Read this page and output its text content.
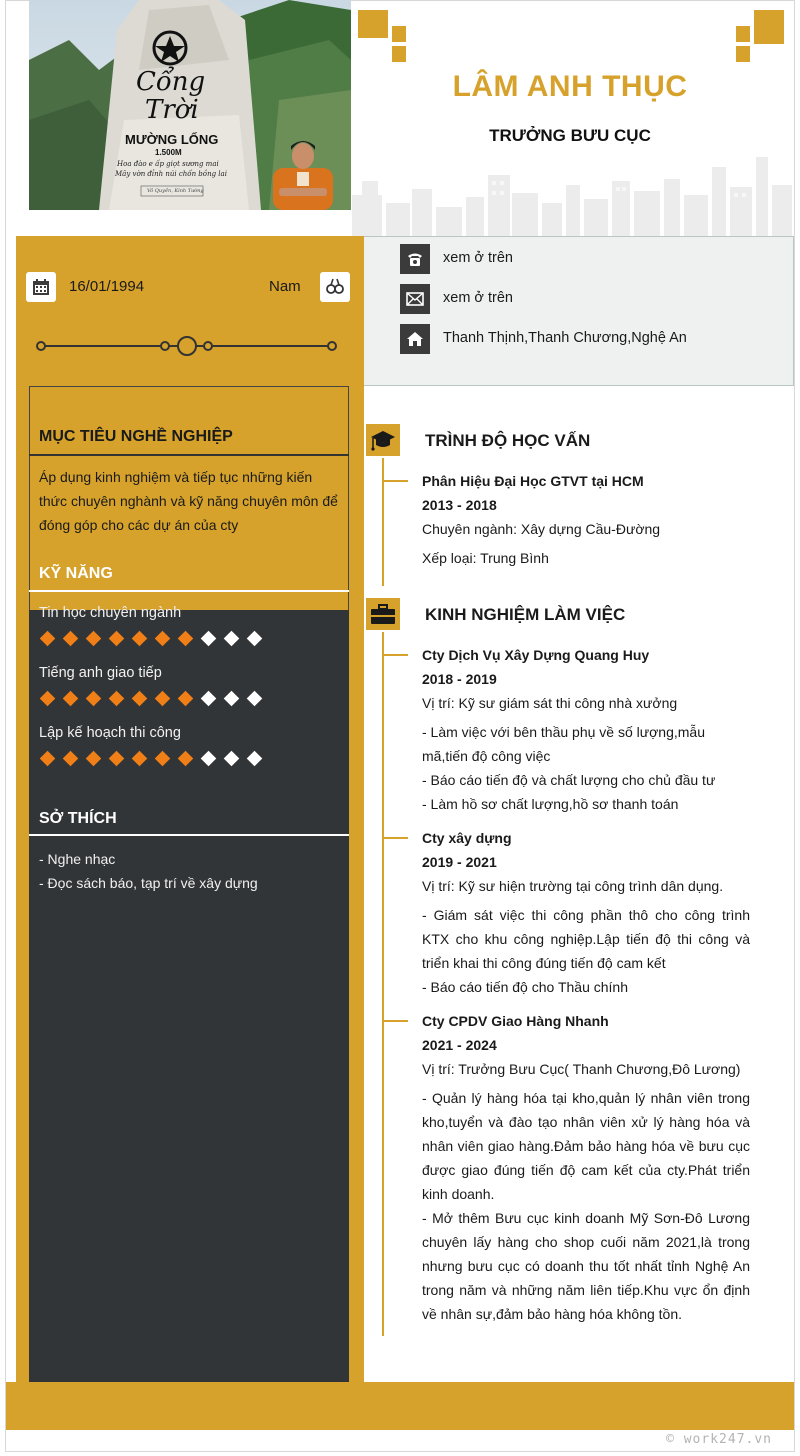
Cổng
Trời
MƯỜNG LỐNG
1.500M
Hoa đào e ấp giọt sương mai
Mây vờn đỉnh núi chốn bồng lai
Võ Quyền, Kinh Tường
LÂM ANH THỤC
TRƯỞNG BƯU CỤC
16/01/1994	Nam
xem ở trên
xem ở trên
Thanh Thịnh,Thanh Chương,Nghệ An
MỤC TIÊU NGHỀ NGHIỆP
Áp dụng kinh nghiệm và tiếp tục những kiến thức chuyên nghành và kỹ năng chuyên môn để đóng góp cho các dự án của cty
KỸ NĂNG
Tin học chuyên ngành
Tiếng anh giao tiếp
Lập kế hoạch thi công
SỞ THÍCH
- Nghe nhạc
- Đọc sách báo, tạp trí về xây dựng
TRÌNH ĐỘ HỌC VẤN
Phân Hiệu Đại Học GTVT tại HCM
2013 - 2018
Chuyên ngành: Xây dựng Cầu-Đường
Xếp loại: Trung Bình
KINH NGHIỆM LÀM VIỆC
Cty Dịch Vụ Xây Dựng Quang Huy
2018 - 2019
Vị trí: Kỹ sư giám sát thi công nhà xưởng
- Làm việc với bên thầu phụ về số lượng,mẫu mã,tiến độ công việc
- Báo cáo tiến độ và chất lượng cho chủ đầu tư
- Làm hồ sơ chất lượng,hồ sơ thanh toán
Cty xây dựng
2019 - 2021
Vị trí: Kỹ sư hiện trường tại công trình dân dụng.
- Giám sát việc thi công phần thô cho công trình KTX cho khu công nghiệp.Lập tiến độ thi công và triển khai thi công đúng tiến độ cam kết
- Báo cáo tiến độ cho Thầu chính
Cty CPDV Giao Hàng Nhanh
2021 - 2024
Vị trí: Trưởng Bưu Cục( Thanh Chương,Đô Lương)
- Quản lý hàng hóa tại kho,quản lý nhân viên trong kho,tuyển và đào tạo nhân viên xử lý hàng hóa và nhân viên giao hàng.Đảm bảo hàng hóa về bưu cục được giao đúng tiến độ cam kết của cty.Phát triển kinh doanh.
- Mở thêm Bưu cục kinh doanh Mỹ Sơn-Đô Lương chuyên lấy hàng cho shop cuối năm 2021,là trong nhưng bưu cục có doanh thu tốt nhất tỉnh Nghệ An trong năm và những năm liên tiếp.Khu vực ổn định về nhân sự,đảm bảo hàng hóa không tồn.
© work247.vn
